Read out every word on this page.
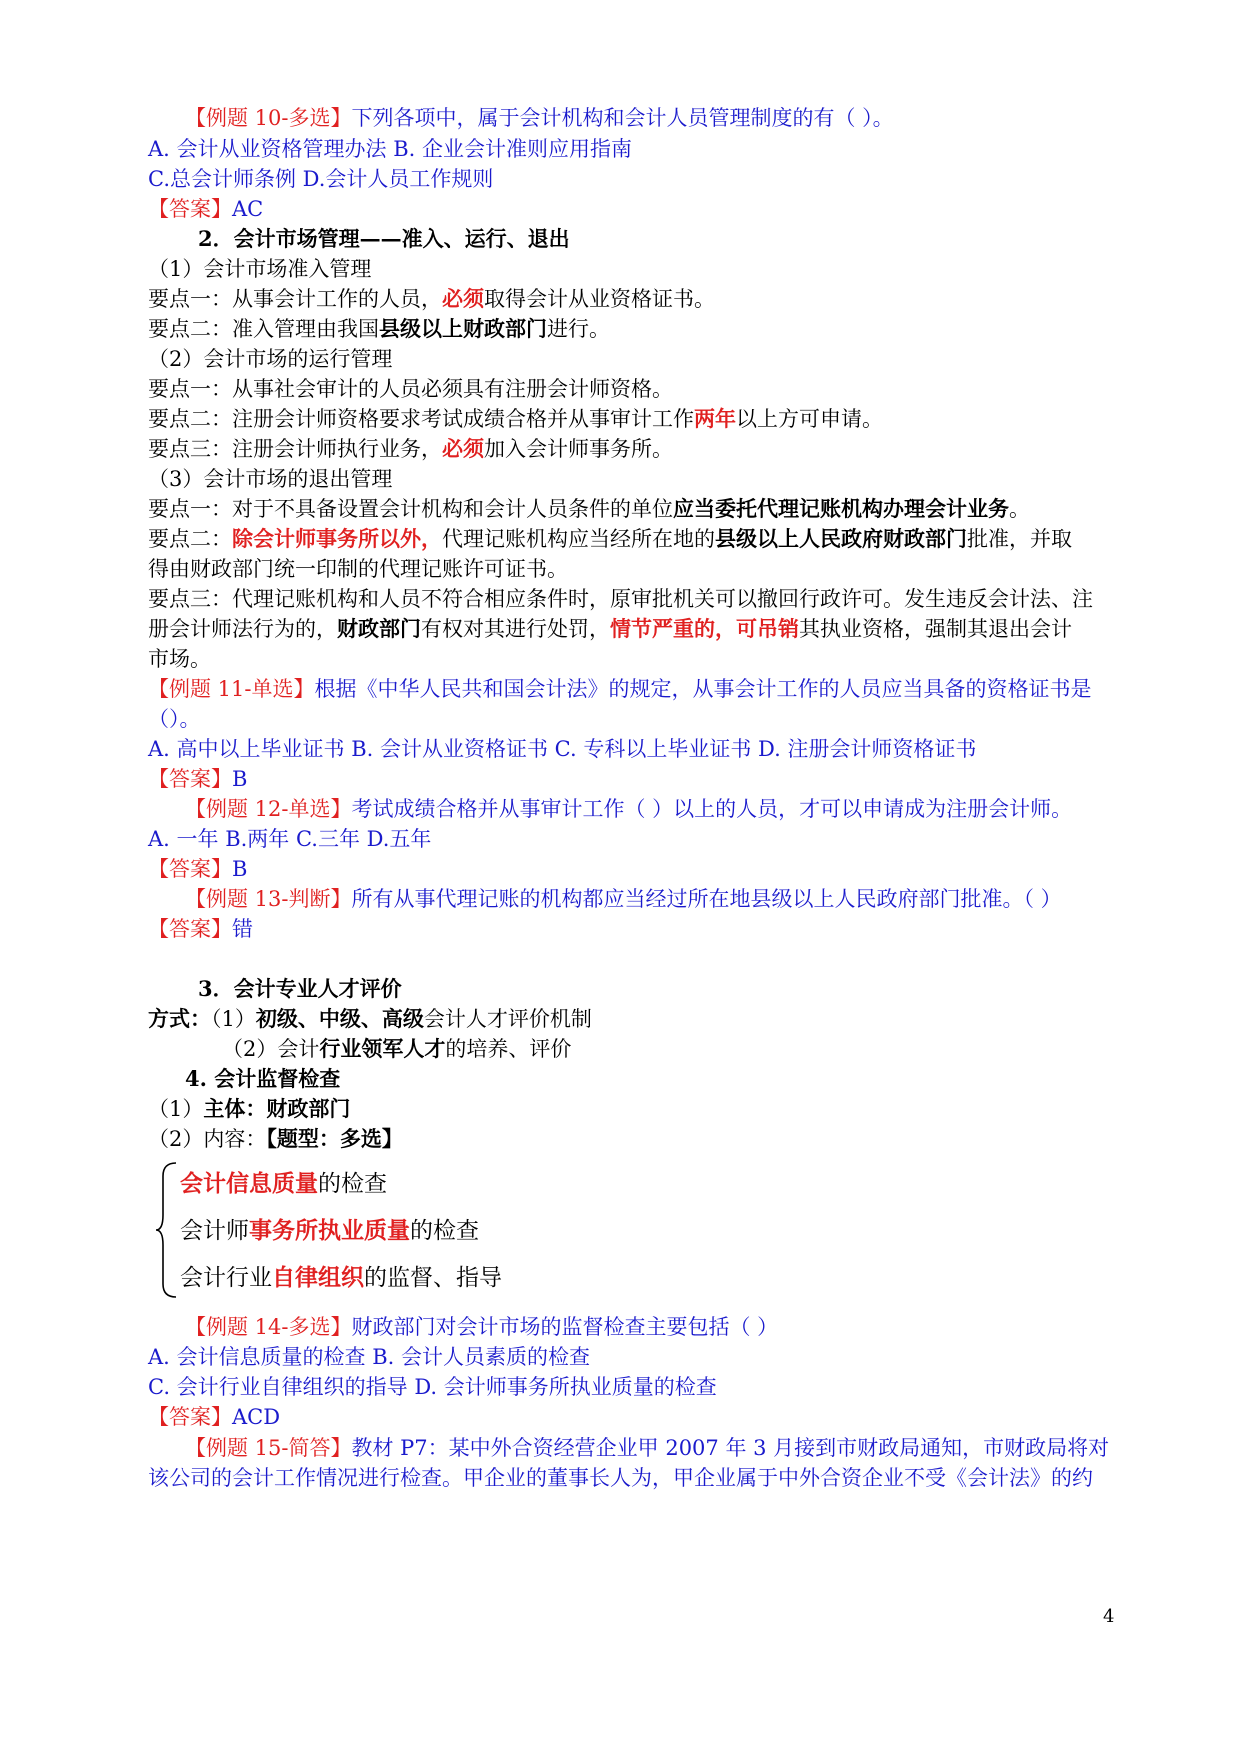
【例题 10-多选】下列各项中，属于会计机构和会计人员管理制度的有（ ）。
A. 会计从业资格管理办法 B. 企业会计准则应用指南
C.总会计师条例 D.会计人员工作规则
【答案】AC
2．会计市场管理——准入、运行、退出
（1）会计市场准入管理
要点一：从事会计工作的人员，必须取得会计从业资格证书。
要点二：准入管理由我国县级以上财政部门进行。
（2）会计市场的运行管理
要点一：从事社会审计的人员必须具有注册会计师资格。
要点二：注册会计师资格要求考试成绩合格并从事审计工作两年以上方可申请。
要点三：注册会计师执行业务，必须加入会计师事务所。
（3）会计市场的退出管理
要点一：对于不具备设置会计机构和会计人员条件的单位应当委托代理记账机构办理会计业务。
要点二：除会计师事务所以外，代理记账机构应当经所在地的县级以上人民政府财政部门批准，并取
得由财政部门统一印制的代理记账许可证书。
要点三：代理记账机构和人员不符合相应条件时，原审批机关可以撤回行政许可。发生违反会计法、注
册会计师法行为的，财政部门有权对其进行处罚，情节严重的，可吊销其执业资格，强制其退出会计
市场。
【例题 11-单选】根据《中华人民共和国会计法》的规定，从事会计工作的人员应当具备的资格证书是
（）。
A. 高中以上毕业证书 B. 会计从业资格证书 C. 专科以上毕业证书 D. 注册会计师资格证书
【答案】B
【例题 12-单选】考试成绩合格并从事审计工作（ ）以上的人员，才可以申请成为注册会计师。
A. 一年 B.两年 C.三年 D.五年
【答案】B
【例题 13-判断】所有从事代理记账的机构都应当经过所在地县级以上人民政府部门批准。（ ）
【答案】错
3．会计专业人才评价
方式：（1）初级、中级、高级会计人才评价机制
（2）会计行业领军人才的培养、评价
4. 会计监督检查
（1）主体：财政部门
（2）内容：【题型：多选】
会计信息质量的检查
会计师事务所执业质量的检查
会计行业自律组织的监督、指导
【例题 14-多选】财政部门对会计市场的监督检查主要包括（ ）
A. 会计信息质量的检查 B. 会计人员素质的检查
C. 会计行业自律组织的指导 D. 会计师事务所执业质量的检查
【答案】ACD
【例题 15-简答】教材 P7：某中外合资经营企业甲 2007 年 3 月接到市财政局通知，市财政局将对
该公司的会计工作情况进行检查。甲企业的董事长人为，甲企业属于中外合资企业不受《会计法》的约
4
